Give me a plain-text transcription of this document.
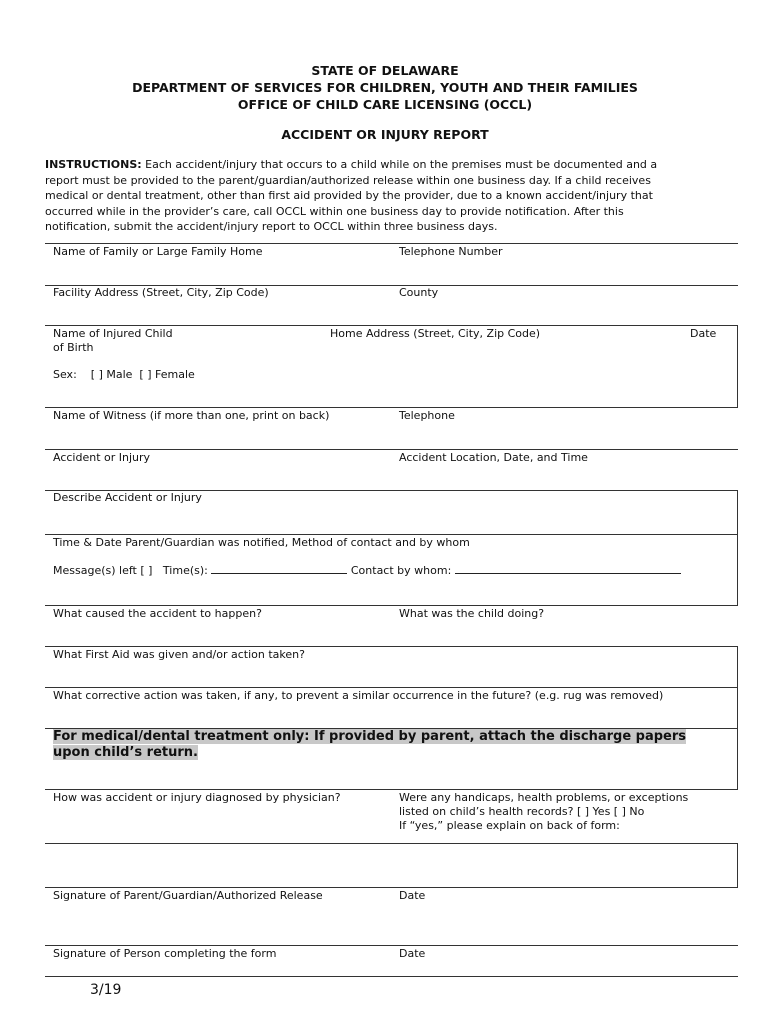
STATE OF DELAWARE
DEPARTMENT OF SERVICES FOR CHILDREN, YOUTH AND THEIR FAMILIES
OFFICE OF CHILD CARE LICENSING (OCCL)
ACCIDENT OR INJURY REPORT
INSTRUCTIONS: Each accident/injury that occurs to a child while on the premises must be documented and a report must be provided to the parent/guardian/authorized release within one business day. If a child receives medical or dental treatment, other than first aid provided by the provider, due to a known accident/injury that occurred while in the provider’s care, call OCCL within one business day to provide notification. After this notification, submit the accident/injury report to OCCL within three business days.
Name of Family or Large Family Home	Telephone Number
Facility Address (Street, City, Zip Code)	County
Name of Injured Child	Home Address (Street, City, Zip Code)	Date
of Birth
Sex: [ ] Male [ ] Female
Name of Witness (if more than one, print on back)	Telephone
Accident or Injury	Accident Location, Date, and Time
Describe Accident or Injury
Time & Date Parent/Guardian was notified, Method of contact and by whom
Message(s) left [ ] Time(s):	Contact by whom:
What caused the accident to happen?	What was the child doing?
What First Aid was given and/or action taken?
What corrective action was taken, if any, to prevent a similar occurrence in the future? (e.g. rug was removed)
For medical/dental treatment only: If provided by parent, attach the discharge papers upon child’s return.
How was accident or injury diagnosed by physician?	Were any handicaps, health problems, or exceptions
listed on child’s health records? [ ] Yes [ ] No
If “yes,” please explain on back of form:
Signature of Parent/Guardian/Authorized Release	Date
Signature of Person completing the form	Date
3/19
